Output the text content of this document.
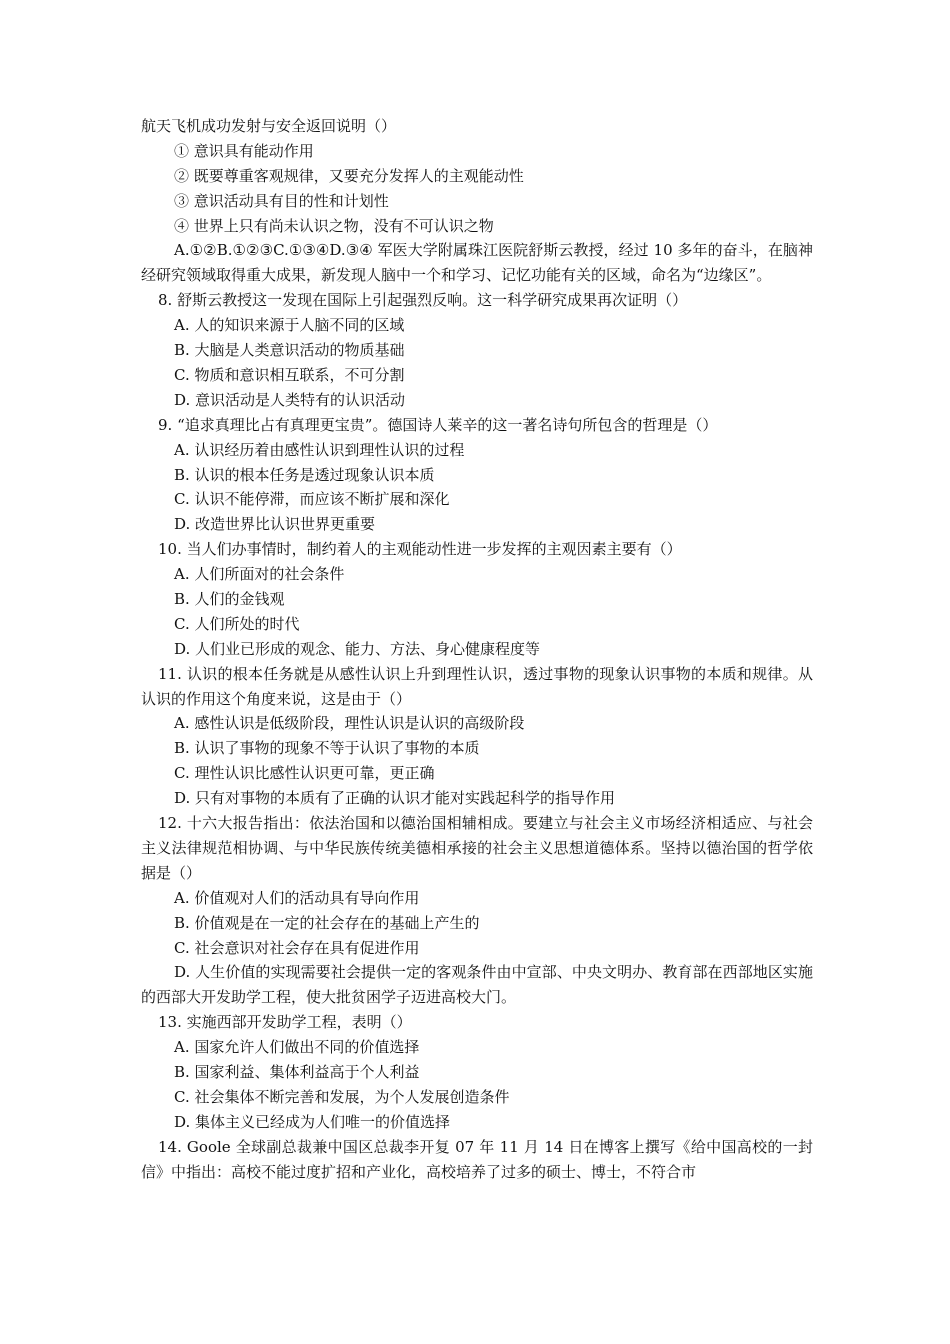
航天飞机成功发射与安全返回说明（）
① 意识具有能动作用
② 既要尊重客观规律，又要充分发挥人的主观能动性
③ 意识活动具有目的性和计划性
④ 世界上只有尚未认识之物，没有不可认识之物
A.①②B.①②③C.①③④D.③④ 军医大学附属珠江医院舒斯云教授，经过 10 多年的奋斗，在脑神经研究领域取得重大成果，新发现人脑中一个和学习、记忆功能有关的区域，命名为“边缘区”。
8. 舒斯云教授这一发现在国际上引起强烈反响。这一科学研究成果再次证明（）
A. 人的知识来源于人脑不同的区域
B. 大脑是人类意识活动的物质基础
C. 物质和意识相互联系，不可分割
D. 意识活动是人类特有的认识活动
9. “追求真理比占有真理更宝贵”。德国诗人莱辛的这一著名诗句所包含的哲理是（）
A. 认识经历着由感性认识到理性认识的过程
B. 认识的根本任务是透过现象认识本质
C. 认识不能停滞，而应该不断扩展和深化
D. 改造世界比认识世界更重要
10. 当人们办事情时，制约着人的主观能动性进一步发挥的主观因素主要有（）
A. 人们所面对的社会条件
B. 人们的金钱观
C. 人们所处的时代
D. 人们业已形成的观念、能力、方法、身心健康程度等
11. 认识的根本任务就是从感性认识上升到理性认识，透过事物的现象认识事物的本质和规律。从认识的作用这个角度来说，这是由于（）
A. 感性认识是低级阶段，理性认识是认识的高级阶段
B. 认识了事物的现象不等于认识了事物的本质
C. 理性认识比感性认识更可靠，更正确
D. 只有对事物的本质有了正确的认识才能对实践起科学的指导作用
12. 十六大报告指出：依法治国和以德治国相辅相成。要建立与社会主义市场经济相适应、与社会主义法律规范相协调、与中华民族传统美德相承接的社会主义思想道德体系。坚持以德治国的哲学依据是（）
A. 价值观对人们的活动具有导向作用
B. 价值观是在一定的社会存在的基础上产生的
C. 社会意识对社会存在具有促进作用
D. 人生价值的实现需要社会提供一定的客观条件由中宣部、中央文明办、教育部在西部地区实施的西部大开发助学工程，使大批贫困学子迈进高校大门。
13. 实施西部开发助学工程，表明（）
A. 国家允许人们做出不同的价值选择
B. 国家利益、集体利益高于个人利益
C. 社会集体不断完善和发展，为个人发展创造条件
D. 集体主义已经成为人们唯一的价值选择
14. Goole 全球副总裁兼中国区总裁李开复 07 年 11 月 14 日在博客上撰写《给中国高校的一封信》中指出：高校不能过度扩招和产业化，高校培养了过多的硕士、博士，不符合市
